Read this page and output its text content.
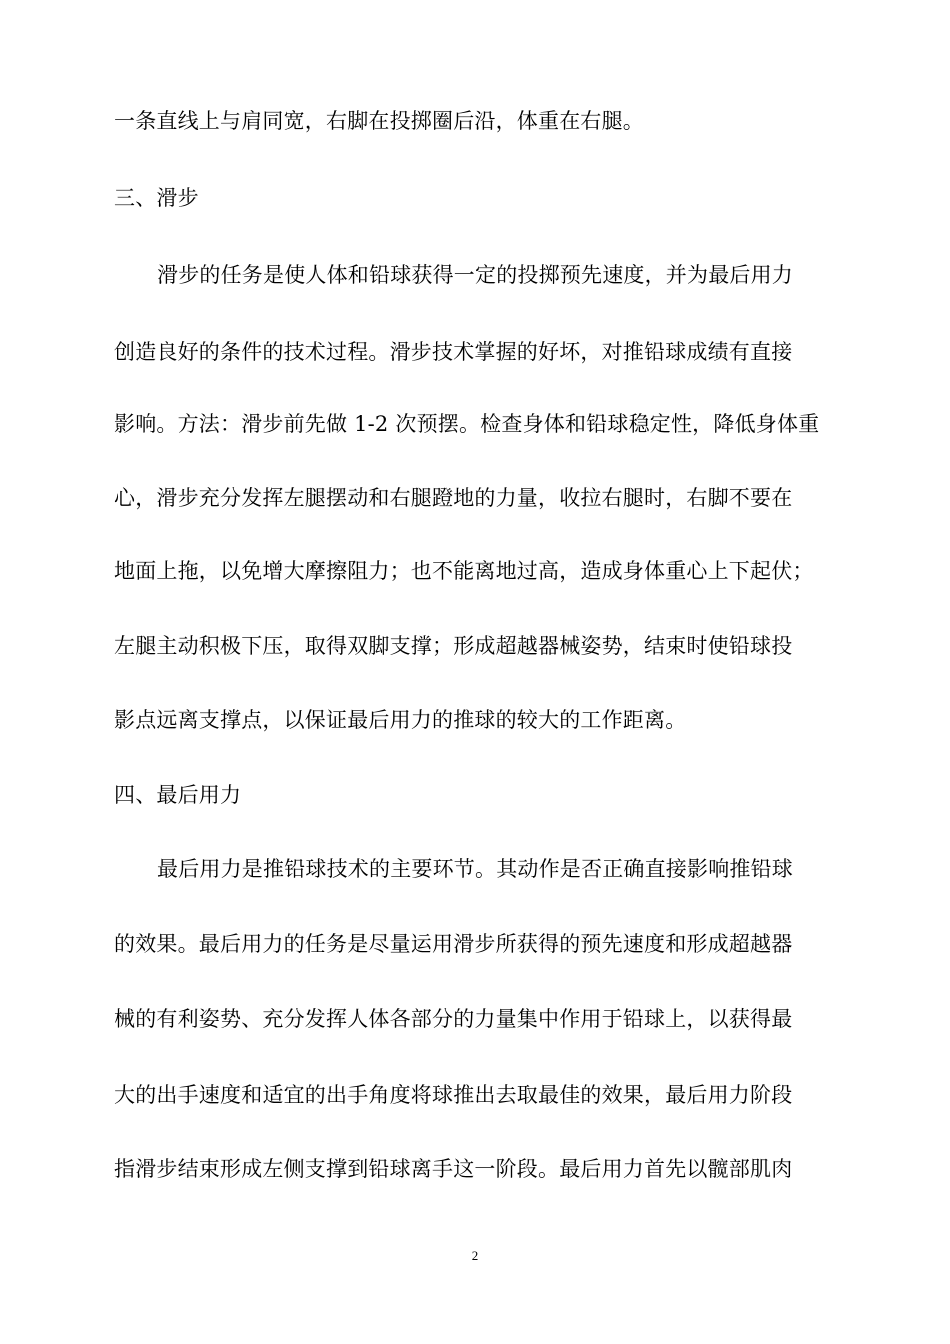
一条直线上与肩同宽，右脚在投掷圈后沿，体重在右腿。
三、滑步
滑步的任务是使人体和铅球获得一定的投掷预先速度，并为最后用力
创造良好的条件的技术过程。滑步技术掌握的好坏，对推铅球成绩有直接
影响。方法：滑步前先做 1-2 次预摆。检查身体和铅球稳定性，降低身体重
心，滑步充分发挥左腿摆动和右腿蹬地的力量，收拉右腿时，右脚不要在
地面上拖，以免增大摩擦阻力；也不能离地过高，造成身体重心上下起伏；
左腿主动积极下压，取得双脚支撑；形成超越器械姿势，结束时使铅球投
影点远离支撑点，以保证最后用力的推球的较大的工作距离。
四、最后用力
最后用力是推铅球技术的主要环节。其动作是否正确直接影响推铅球
的效果。最后用力的任务是尽量运用滑步所获得的预先速度和形成超越器
械的有利姿势、充分发挥人体各部分的力量集中作用于铅球上，以获得最
大的出手速度和适宜的出手角度将球推出去取最佳的效果，最后用力阶段
指滑步结束形成左侧支撑到铅球离手这一阶段。最后用力首先以髋部肌肉
2
